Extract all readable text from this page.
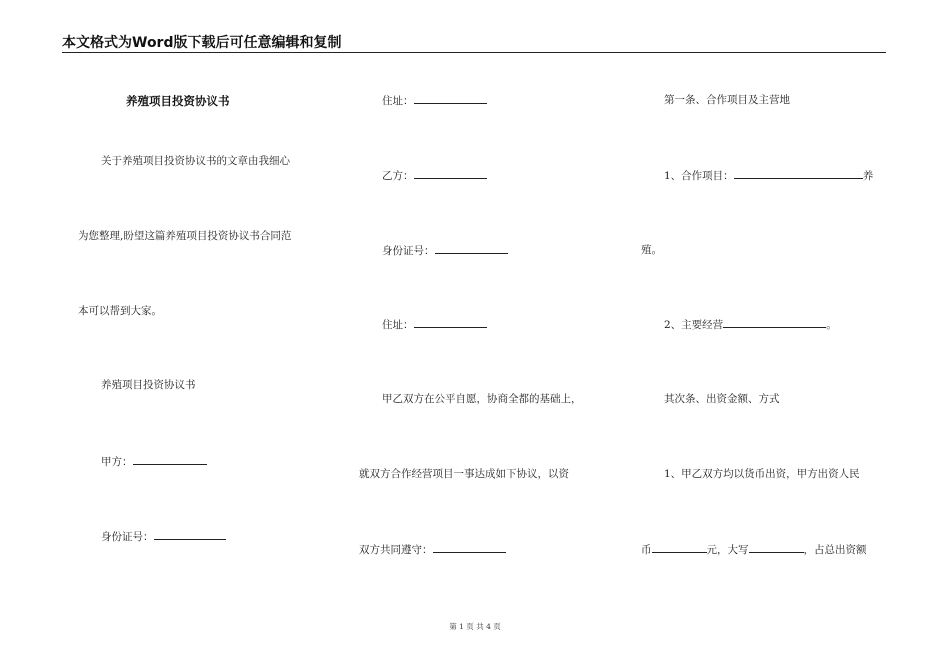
本文格式为Word版下载后可任意编辑和复制
养殖项目投资协议书
关于养殖项目投资协议书的文章由我细心
为您整理,盼望这篇养殖项目投资协议书合同范
本可以帮到大家。
养殖项目投资协议书
甲方：
身份证号：
住址：
乙方：
身份证号：
住址：
甲乙双方在公平自愿，协商全都的基础上，
就双方合作经营项目一事达成如下协议，以资
双方共同遵守：
第一条、合作项目及主营地
1、合作项目：	养
殖。
2、主要经营	。
其次条、出资金额、方式
1、甲乙双方均以货币出资，甲方出资人民
币	元，大写	，占总出资额
第 1 页 共 4 页
